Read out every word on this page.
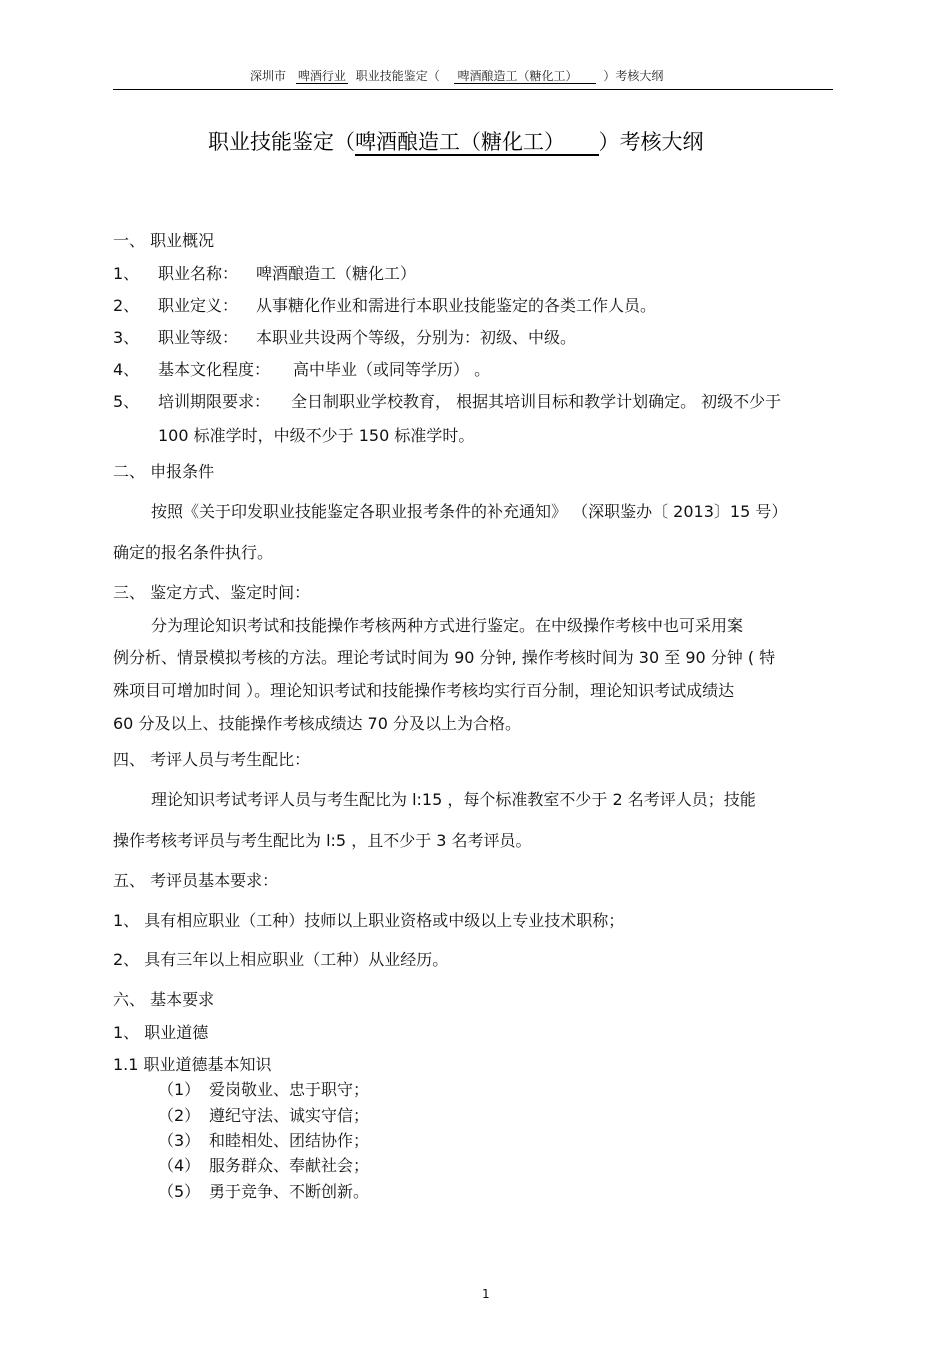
深圳市 啤酒行业 职业技能鉴定（ 啤酒酿造工（糖化工） ）考核大纲
职业技能鉴定（啤酒酿造工（糖化工） ）考核大纲
一、 职业概况
1、 职业名称： 啤酒酿造工（糖化工）
2、 职业定义： 从事糖化作业和需进行本职业技能鉴定的各类工作人员。
3、 职业等级： 本职业共设两个等级，分别为：初级、中级。
4、 基本文化程度： 高中毕业（或同等学历） 。
5、 培训期限要求： 全日制职业学校教育， 根据其培训目标和教学计划确定。 初级不少于
100 标准学时，中级不少于 150 标准学时。
二、 申报条件
按照《关于印发职业技能鉴定各职业报考条件的补充通知》 （深职鉴办〔 2013〕15 号）
确定的报名条件执行。
三、 鉴定方式、鉴定时间：
分为理论知识考试和技能操作考核两种方式进行鉴定。在中级操作考核中也可采用案
例分析、情景模拟考核的方法。理论考试时间为 90 分钟, 操作考核时间为 30 至 90 分钟 ( 特
殊项目可增加时间 ）。理论知识考试和技能操作考核均实行百分制，理论知识考试成绩达
60 分及以上、技能操作考核成绩达 70 分及以上为合格。
四、 考评人员与考生配比：
理论知识考试考评人员与考生配比为 l:15 ，每个标准教室不少于 2 名考评人员；技能
操作考核考评员与考生配比为 l:5 ，且不少于 3 名考评员。
五、 考评员基本要求：
1、 具有相应职业（工种）技师以上职业资格或中级以上专业技术职称；
2、 具有三年以上相应职业（工种）从业经历。
六、 基本要求
1、 职业道德
1.1 职业道德基本知识
（1） 爱岗敬业、忠于职守；
（2） 遵纪守法、诚实守信；
（3） 和睦相处、团结协作；
（4） 服务群众、奉献社会；
（5） 勇于竞争、不断创新。
1
